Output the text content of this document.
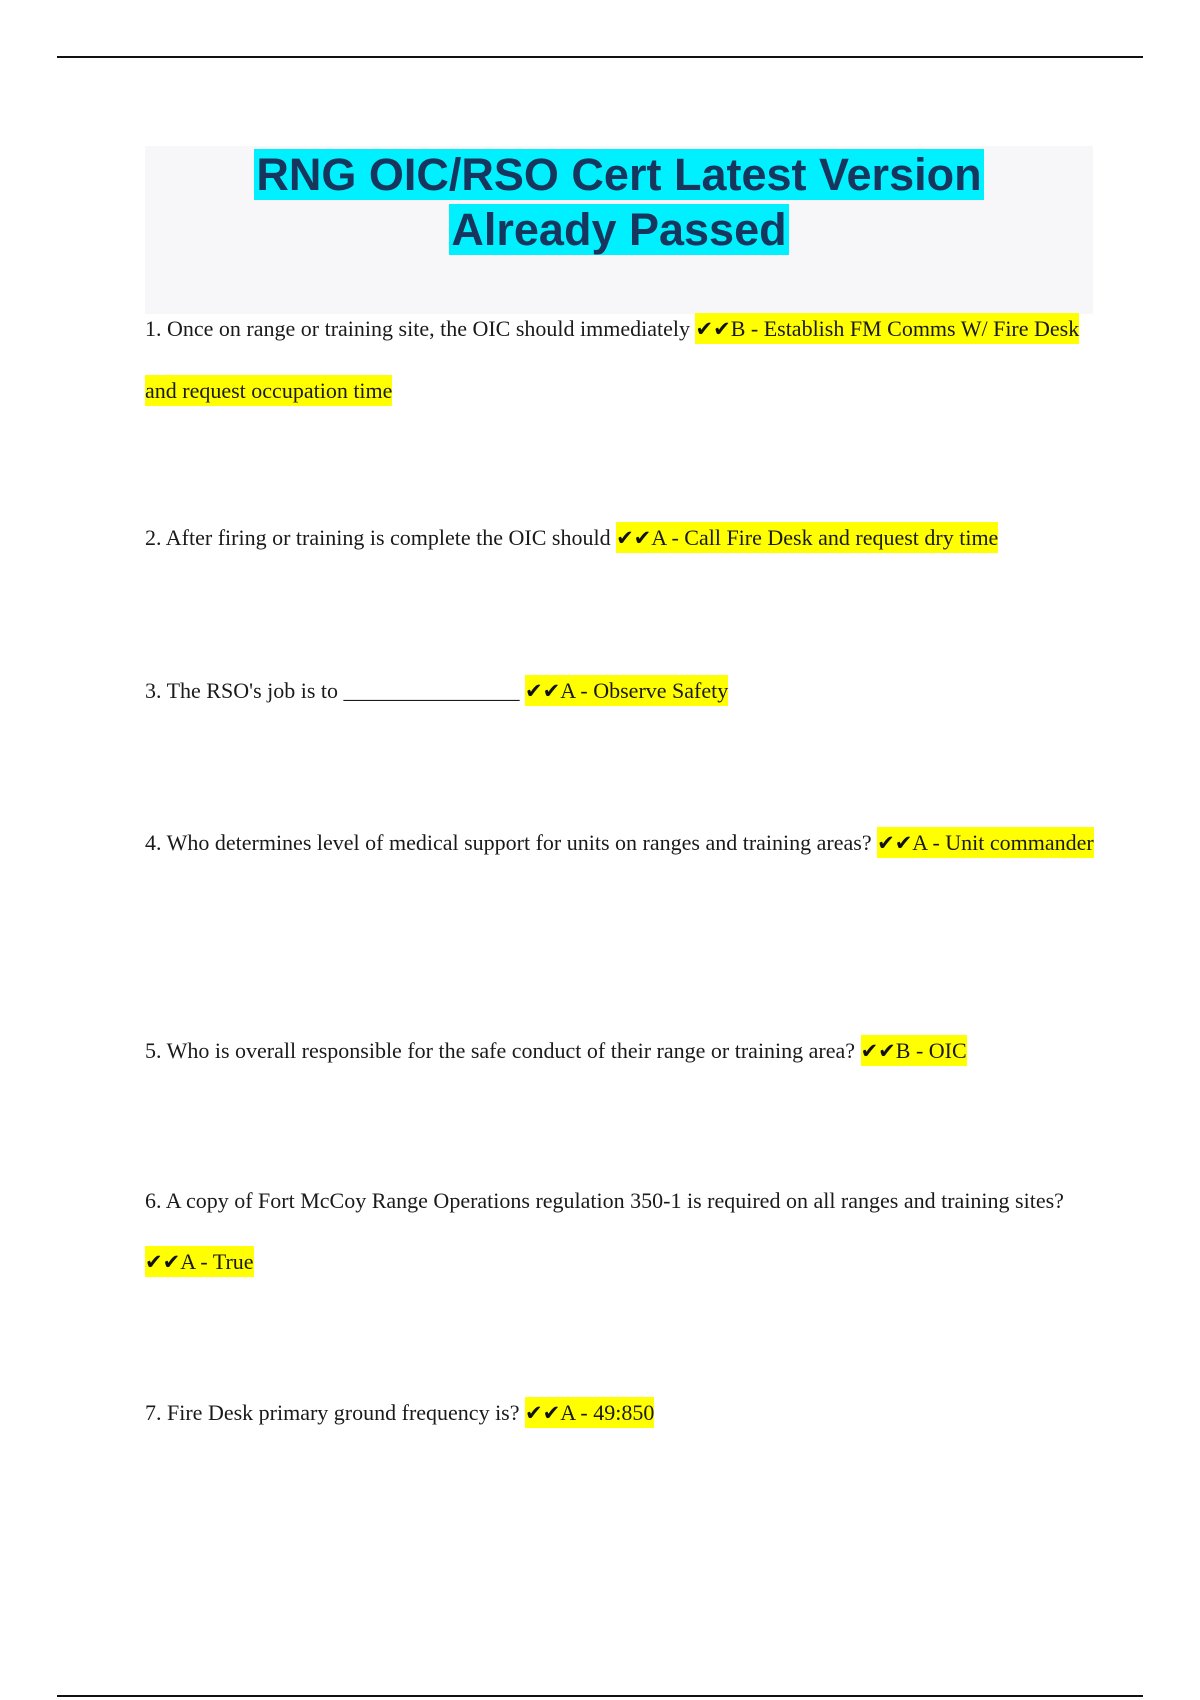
RNG OIC/RSO Cert Latest Version
Already Passed
1. Once on range or training site, the OIC should immediately ✔✔B - Establish FM Comms W/ Fire Desk and request occupation time
2. After firing or training is complete the OIC should ✔✔A - Call Fire Desk and request dry time
3. The RSO's job is to ________________ ✔✔A - Observe Safety
4. Who determines level of medical support for units on ranges and training areas? ✔✔A - Unit commander
5. Who is overall responsible for the safe conduct of their range or training area? ✔✔B - OIC
6. A copy of Fort McCoy Range Operations regulation 350-1 is required on all ranges and training sites? ✔✔A - True
7. Fire Desk primary ground frequency is? ✔✔A - 49:850
